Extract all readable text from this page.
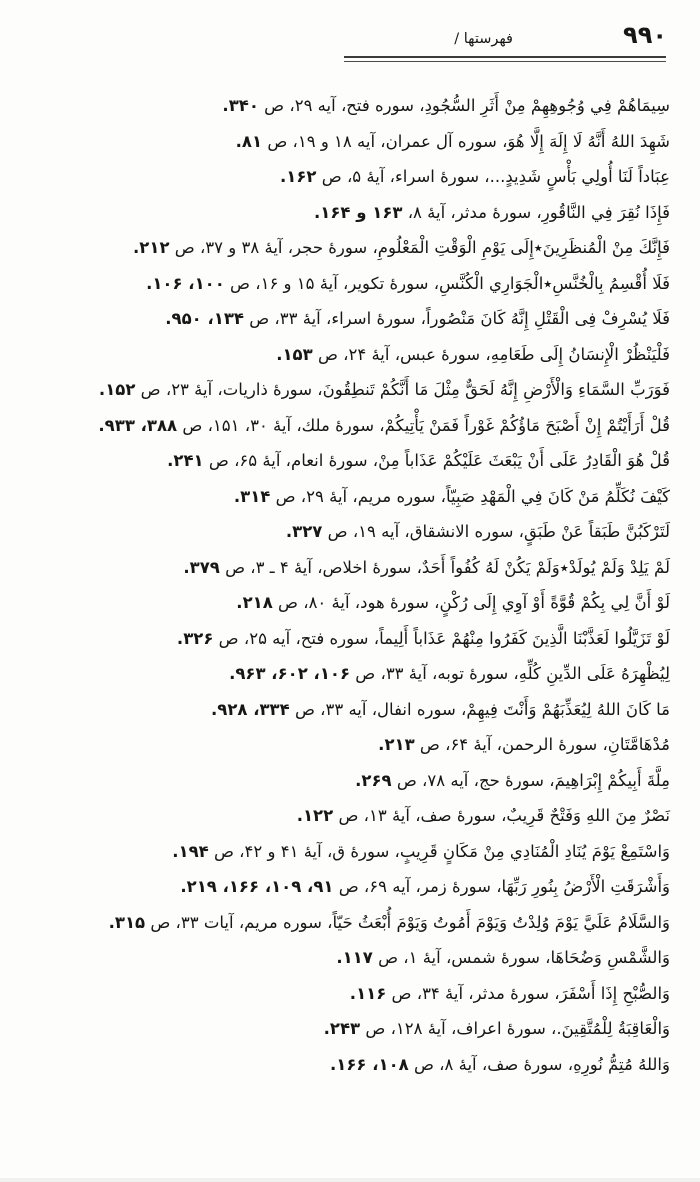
۹۹۰
فهرستها /

سِيمَاهُمْ فِي وُجُوهِهِمْ مِنْ أَثَرِ السُّجُودِ، سوره فتح، آيه ۲۹، ص ۳۴۰.

شَهِدَ اللهُ أَنَّهُ لَا إِلَهَ إِلَّا هُوَ، سوره آل عمران، آيه ۱۸ و ۱۹، ص ۸۱.

عِبَاداً لَنَا أُولِي بَأْسٍ شَدِيدٍ...، سورهٔ اسراء، آيهٔ ۵، ص ۱۶۲.

فَإِذَا نُقِرَ فِي النَّاقُورِ، سورهٔ مدثر، آيهٔ ۸، ۱۶۳ و ۱۶۴.

فَإِنَّكَ مِنْ الْمُنظَرِينَ٭إِلَى يَوْمِ الْوَقْتِ الْمَعْلُومِ، سورهٔ حجر، آيهٔ ۳۸ و ۳۷، ص ۲۱۲.

فَلَا أُقْسِمُ بِالْخُنَّسِ٭الْجَوَارِي الْكُنَّسِ، سورهٔ تكوير، آيهٔ ۱۵ و ۱۶، ص ۱۰۰، ۱۰۶.

فَلَا يُسْرِفْ فِى الْقَتْلِ إِنَّهُ كَانَ مَنْصُوراً، سورهٔ اسراء، آيهٔ ۳۳، ص ۱۳۴، ۹۵۰.

فَلْيَنْظُرْ الْإِنسَانُ إِلَى طَعَامِهِ، سورهٔ عبس، آيهٔ ۲۴، ص ۱۵۳.

فَوَرَبِّ السَّمَاءِ وَالْأَرْضِ إِنَّهُ لَحَقٌّ مِثْلَ مَا أَنَّكُمْ تَنطِقُونَ، سورهٔ ذاريات، آيهٔ ۲۳، ص ۱۵۲.

قُلْ أَرَأَيْتُمْ إِنْ أَصْبَحَ مَاؤُكُمْ غَوْراً فَمَنْ يَأْتِيكُمْ، سورهٔ ملك، آيهٔ ۳۰، ۱۵۱، ص ۳۸۸، ۹۳۳.

قُلْ هُوَ الْقَادِرُ عَلَى أَنْ يَبْعَثَ عَلَيْكُمْ عَذَاباً مِنْ، سورهٔ انعام، آيهٔ ۶۵، ص ۲۴۱.

كَيْفَ نُكَلِّمُ مَنْ كَانَ فِي الْمَهْدِ صَبِيّاً، سوره مريم، آيهٔ ۲۹، ص ۳۱۴.

لَتَرْكَبُنَّ طَبَقاً عَنْ طَبَقٍ، سوره الانشقاق، آيه ۱۹، ص ۳۲۷.

لَمْ يَلِدْ وَلَمْ يُولَدْ٭وَلَمْ يَكُنْ لَهُ كُفُواً أَحَدٌ، سورهٔ اخلاص، آيهٔ ۴ ـ ۳، ص ۳۷۹.

لَوْ أَنَّ لِي بِكُمْ قُوَّةً أَوْ آوِي إِلَى رُكْنٍ، سورهٔ هود، آيهٔ ۸۰، ص ۲۱۸.

لَوْ تَزَيَّلُوا لَعَذَّبْنَا الَّذِينَ كَفَرُوا مِنْهُمْ عَذَاباً أَلِيماً، سوره فتح، آيه ۲۵، ص ۳۲۶.

لِيُظْهِرَهُ عَلَى الدِّينِ كُلِّهِ، سورهٔ توبه، آيهٔ ۳۳، ص ۱۰۶، ۶۰۲، ۹۶۳.

مَا كَانَ اللهُ لِيُعَذِّبَهُمْ وَأَنْتَ فِيهِمْ، سوره انفال، آيه ۳۳، ص ۳۳۴، ۹۲۸.

مُدْهَامَّتَانِ، سورهٔ الرحمن، آيهٔ ۶۴، ص ۲۱۳.

مِلَّةَ أَبِيكُمْ إِبْرَاهِيمَ، سورهٔ حج، آيه ۷۸، ص ۲۶۹.

نَصْرٌ مِنَ اللهِ وَفَتْحٌ قَرِيبٌ، سورهٔ صف، آيهٔ ۱۳، ص ۱۲۲.

وَاسْتَمِعْ يَوْمَ يُنَادِ الْمُنَادِي مِنْ مَكَانٍ قَرِيبٍ، سورهٔ ق، آيهٔ ۴۱ و ۴۲، ص ۱۹۴.

وَأَشْرَقَتِ الْأَرْضُ بِنُورِ رَبِّهَا، سورهٔ زمر، آيه ۶۹، ص ۹۱، ۱۰۹، ۱۶۶، ۲۱۹.

وَالسَّلَامُ عَلَيَّ يَوْمَ وُلِدْتُ وَيَوْمَ أَمُوتُ وَيَوْمَ أُبْعَثُ حَيّاً، سوره مريم، آيات ۳۳، ص ۳۱۵.

وَالشَّمْسِ وَضُحَاهَا، سورهٔ شمس، آيهٔ ۱، ص ۱۱۷.

وَالصُّبْحِ إِذَا أَسْفَرَ، سورهٔ مدثر، آيهٔ ۳۴، ص ۱۱۶.

وَالْعَاقِبَةُ لِلْمُتَّقِينَ.، سورهٔ اعراف، آيهٔ ۱۲۸، ص ۲۴۳.

وَاللهُ مُتِمُّ نُورِهِ، سورهٔ صف، آيهٔ ۸، ص ۱۰۸، ۱۶۶.
